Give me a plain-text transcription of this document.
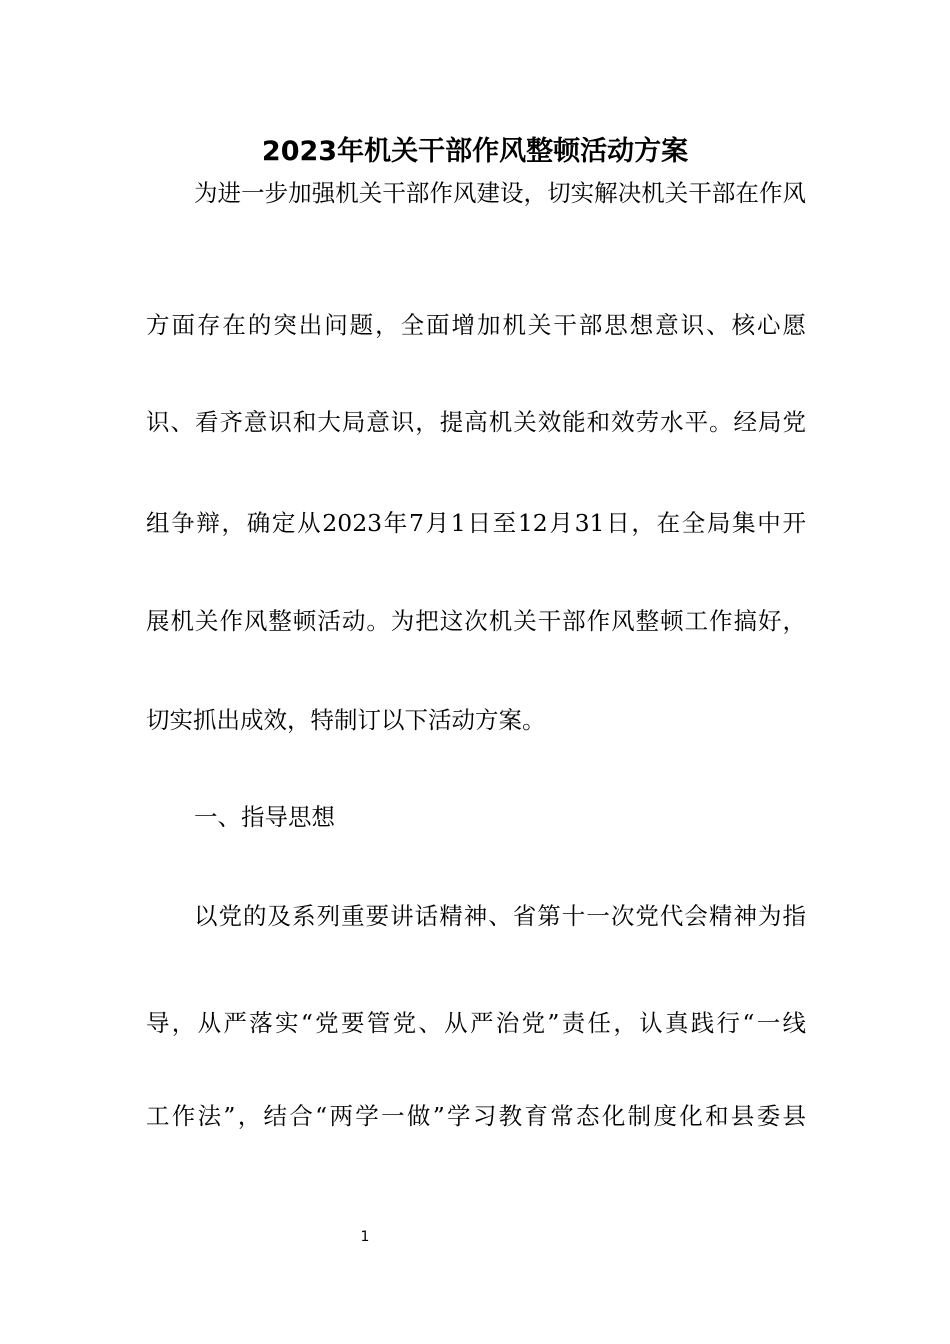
2023年机关干部作风整顿活动方案
为进一步加强机关干部作风建设，切实解决机关干部在作风
方面存在的突出问题，全面增加机关干部思想意识、核心愿
识、看齐意识和大局意识，提高机关效能和效劳水平。经局党
组争辩，确定从2023年7月1日至12月31日，在全局集中开
展机关作风整顿活动。为把这次机关干部作风整顿工作搞好，
切实抓出成效，特制订以下活动方案。
一、指导思想
以党的及系列重要讲话精神、省第十一次党代会精神为指
导，从严落实“党要管党、从严治党”责任，认真践行“一线
工作法”，结合“两学一做”学习教育常态化制度化和县委县
1
